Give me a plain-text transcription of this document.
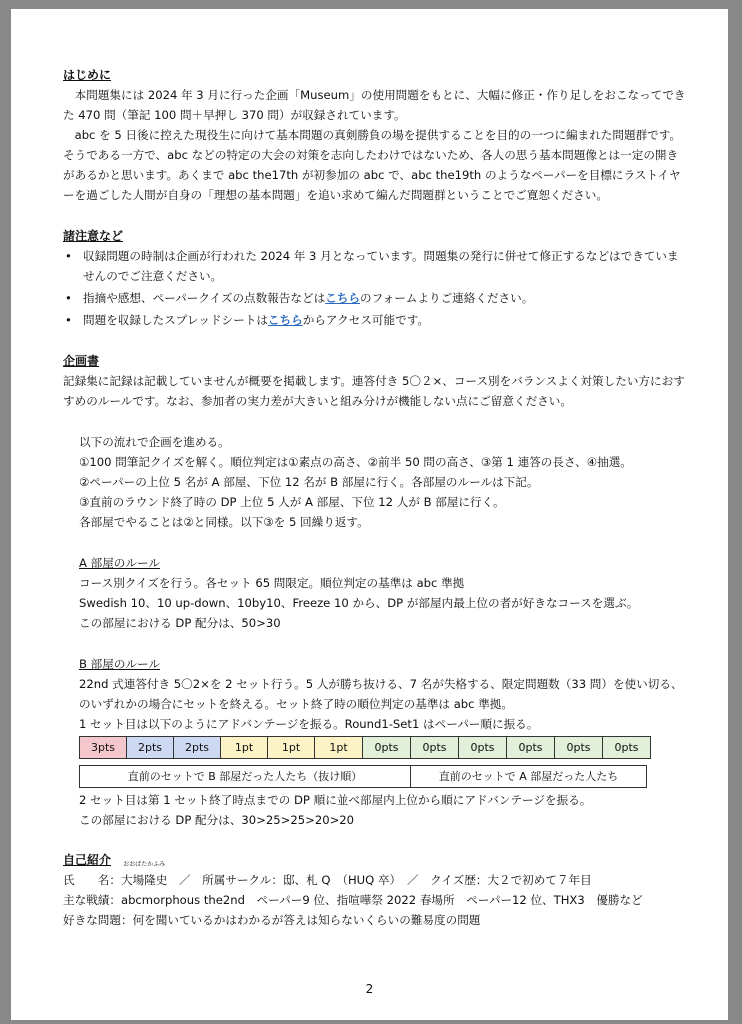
はじめに

本問題集には 2024 年 3 月に行った企画「Museum」の使用問題をもとに、大幅に修正・作り足しをおこなってできた 470 問（筆記 100 問＋早押し 370 問）が収録されています。

abc を 5 日後に控えた現役生に向けて基本問題の真剣勝負の場を提供することを目的の一つに編まれた問題群です。そうである一方で、abc などの特定の大会の対策を志向したわけではないため、各人の思う基本問題像とは一定の開きがあるかと思います。あくまで abc the17th が初参加の abc で、abc the19th のようなペーパーを目標にラストイヤーを過ごした人間が自身の「理想の基本問題」を追い求めて編んだ問題群ということでご寛恕ください。

諸注意など
• 収録問題の時制は企画が行われた 2024 年 3 月となっています。問題集の発行に併せて修正するなどはできていませんのでご注意ください。
• 指摘や感想、ペーパークイズの点数報告などはこちらのフォームよりご連絡ください。
• 問題を収録したスプレッドシートはこちらからアクセス可能です。
企画書

記録集に記録は記載していませんが概要を掲載します。連答付き 5〇２×、コース別をバランスよく対策したい方におすすめのルールです。なお、参加者の実力差が大きいと組み分けが機能しない点にご留意ください。

以下の流れで企画を進める。

①100 問筆記クイズを解く。順位判定は①素点の高さ、②前半 50 問の高さ、③第 1 連答の長さ、④抽選。

②ペーパーの上位 5 名が A 部屋、下位 12 名が B 部屋に行く。各部屋のルールは下記。

③直前のラウンド終了時の DP 上位 5 人が A 部屋、下位 12 人が B 部屋に行く。

各部屋でやることは②と同様。以下③を 5 回繰り返す。

A 部屋のルール

コース別クイズを行う。各セット 65 問限定。順位判定の基準は abc 準拠

Swedish 10、10 up-down、10by10、Freeze 10 から、DP が部屋内最上位の者が好きなコースを選ぶ。

この部屋における DP 配分は、50>30

B 部屋のルール

22nd 式連答付き 5〇2×を 2 セット行う。5 人が勝ち抜ける、7 名が失格する、限定問題数（33 問）を使い切る、のいずれかの場合にセットを終える。セット終了時の順位判定の基準は abc 準拠。

1 セット目は以下のようにアドバンテージを振る。Round1-Set1 はペーパー順に振る。

3pts	2pts	2pts	1pt	1pt	1pt	0pts	0pts	0pts	0pts	0pts	0pts
直前のセットで B 部屋だった人たち（抜け順）	直前のセットで A 部屋だった人たち

2 セット目は第 1 セット終了時点までの DP 順に並べ部屋内上位から順にアドバンテージを振る。

この部屋における DP 配分は、30>25>25>20>20

自己紹介

氏　　名：
おおばたかふみ
大場隆史　／　所属サークル：邸、札 Q　（HUQ 卒）　／　クイズ歴：大２で初めて７年目

主な戦績：abcmorphous the2nd　ペーパー9 位、指喧嘩祭 2022 春場所　ペーパー12 位、THX3　優勝など

好きな問題：何を聞いているかはわかるが答えは知らないくらいの難易度の問題

2
